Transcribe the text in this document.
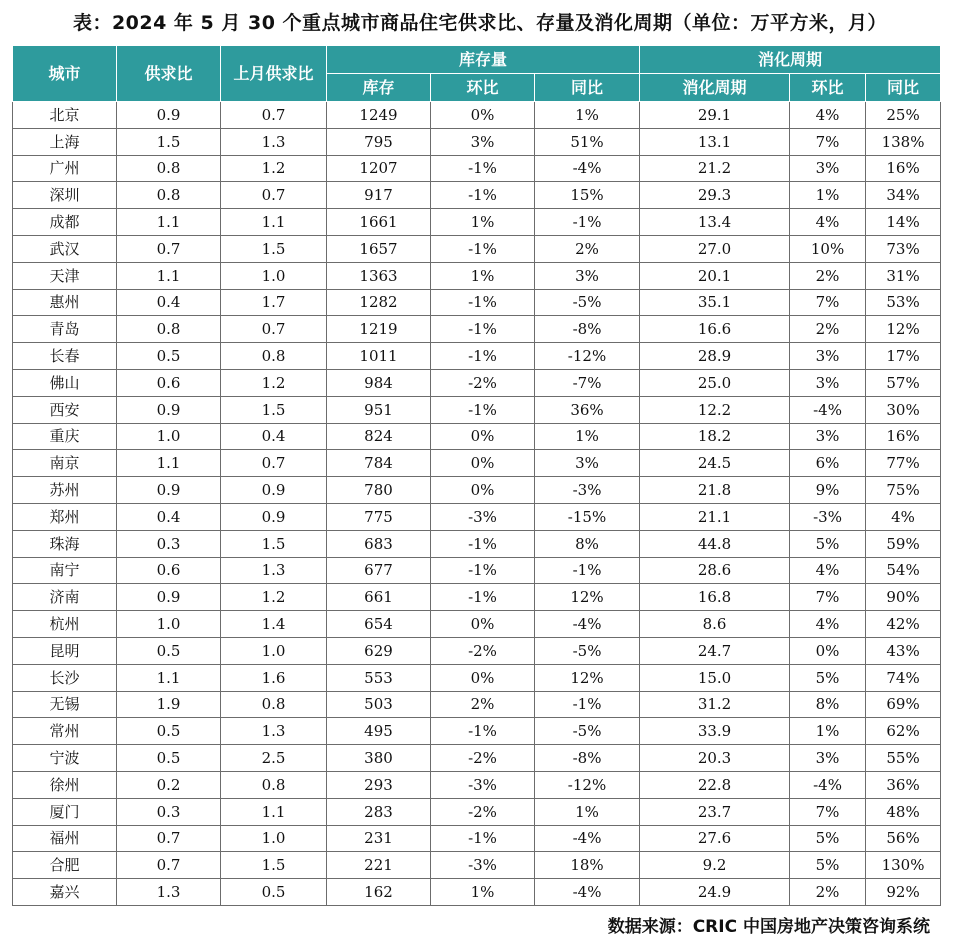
表：2024 年 5 月 30 个重点城市商品住宅供求比、存量及消化周期（单位：万平方米，月）
城市	供求比	上月供求比	库存量			消化周期		
			库存	环比	同比	消化周期	环比	同比
北京	0.9	0.7	1249	0%	1%	29.1	4%	25%
上海	1.5	1.3	795	3%	51%	13.1	7%	138%
广州	0.8	1.2	1207	-1%	-4%	21.2	3%	16%
深圳	0.8	0.7	917	-1%	15%	29.3	1%	34%
成都	1.1	1.1	1661	1%	-1%	13.4	4%	14%
武汉	0.7	1.5	1657	-1%	2%	27.0	10%	73%
天津	1.1	1.0	1363	1%	3%	20.1	2%	31%
惠州	0.4	1.7	1282	-1%	-5%	35.1	7%	53%
青岛	0.8	0.7	1219	-1%	-8%	16.6	2%	12%
长春	0.5	0.8	1011	-1%	-12%	28.9	3%	17%
佛山	0.6	1.2	984	-2%	-7%	25.0	3%	57%
西安	0.9	1.5	951	-1%	36%	12.2	-4%	30%
重庆	1.0	0.4	824	0%	1%	18.2	3%	16%
南京	1.1	0.7	784	0%	3%	24.5	6%	77%
苏州	0.9	0.9	780	0%	-3%	21.8	9%	75%
郑州	0.4	0.9	775	-3%	-15%	21.1	-3%	4%
珠海	0.3	1.5	683	-1%	8%	44.8	5%	59%
南宁	0.6	1.3	677	-1%	-1%	28.6	4%	54%
济南	0.9	1.2	661	-1%	12%	16.8	7%	90%
杭州	1.0	1.4	654	0%	-4%	8.6	4%	42%
昆明	0.5	1.0	629	-2%	-5%	24.7	0%	43%
长沙	1.1	1.6	553	0%	12%	15.0	5%	74%
无锡	1.9	0.8	503	2%	-1%	31.2	8%	69%
常州	0.5	1.3	495	-1%	-5%	33.9	1%	62%
宁波	0.5	2.5	380	-2%	-8%	20.3	3%	55%
徐州	0.2	0.8	293	-3%	-12%	22.8	-4%	36%
厦门	0.3	1.1	283	-2%	1%	23.7	7%	48%
福州	0.7	1.0	231	-1%	-4%	27.6	5%	56%
合肥	0.7	1.5	221	-3%	18%	9.2	5%	130%
嘉兴	1.3	0.5	162	1%	-4%	24.9	2%	92%
数据来源：CRIC 中国房地产决策咨询系统
